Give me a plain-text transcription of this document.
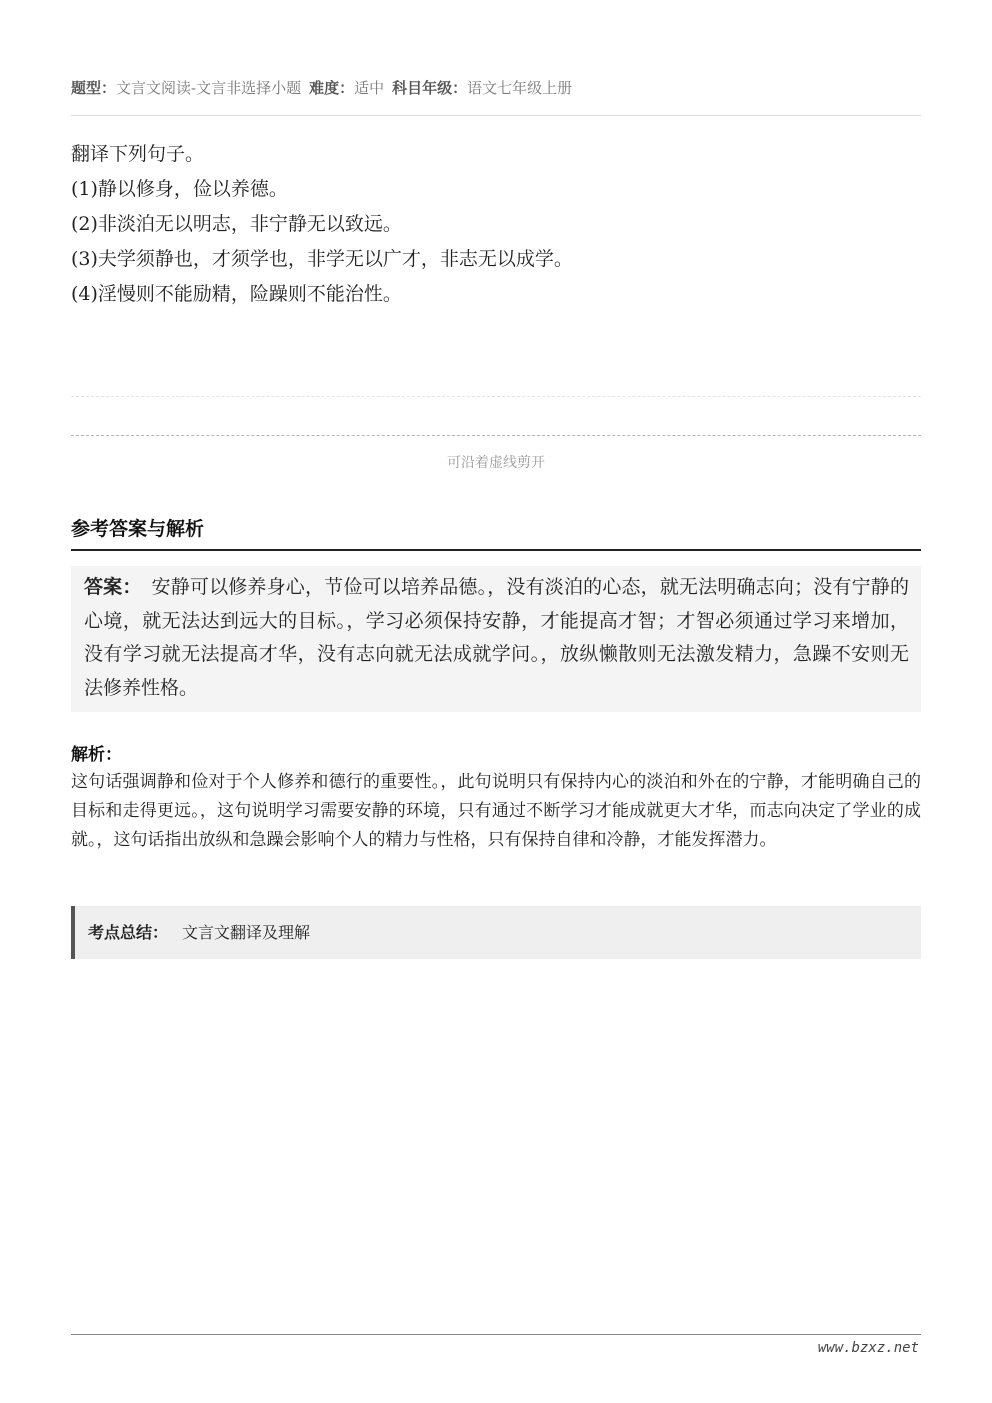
题型：文言文阅读-文言非选择小题 难度：适中 科目年级：语文七年级上册
翻译下列句子。
(1)静以修身，俭以养德。
(2)非淡泊无以明志，非宁静无以致远。
(3)夫学须静也，才须学也，非学无以广才，非志无以成学。
(4)淫慢则不能励精，险躁则不能治性。
可沿着虚线剪开
参考答案与解析
答案： 安静可以修养身心，节俭可以培养品德。，没有淡泊的心态，就无法明确志向；没有宁静的心境，就无法达到远大的目标。，学习必须保持安静，才能提高才智；才智必须通过学习来增加，没有学习就无法提高才华，没有志向就无法成就学问。，放纵懒散则无法激发精力，急躁不安则无法修养性格。
解析：
这句话强调静和俭对于个人修养和德行的重要性。，此句说明只有保持内心的淡泊和外在的宁静，才能明确自己的目标和走得更远。，这句说明学习需要安静的环境，只有通过不断学习才能成就更大才华，而志向决定了学业的成就。，这句话指出放纵和急躁会影响个人的精力与性格，只有保持自律和冷静，才能发挥潜力。
考点总结： 文言文翻译及理解
www.bzxz.net
